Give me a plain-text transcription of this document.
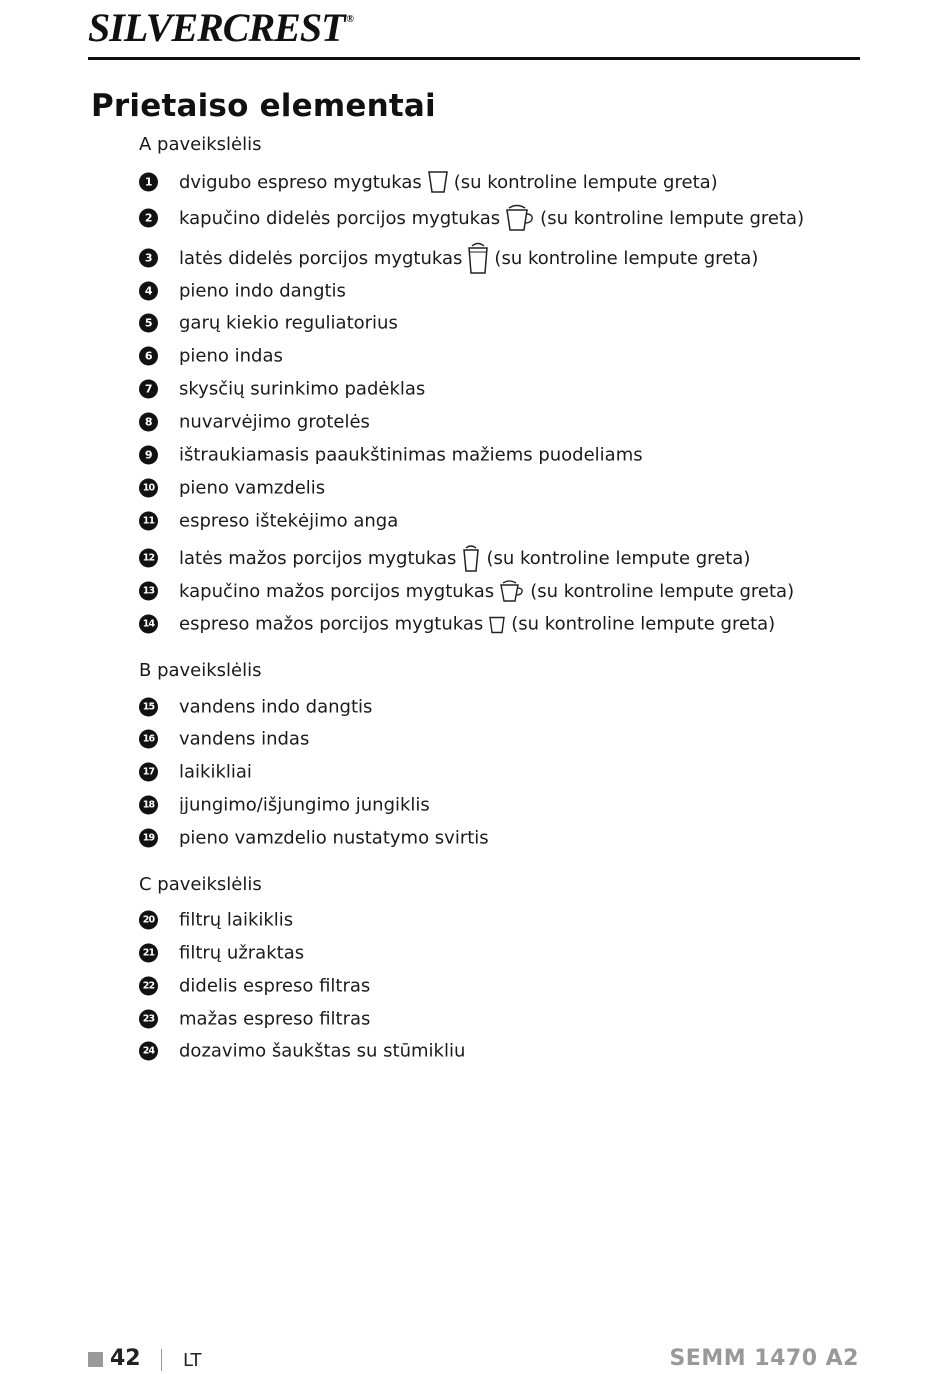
SILVERCREST ®
Prietaiso elementai
A paveikslėlis
1	dvigubo espreso mygtukas (su kontroline lempute greta)
2	kapučino didelės porcijos mygtukas (su kontroline lempute greta)
3	latės didelės porcijos mygtukas (su kontroline lempute greta)
4	pieno indo dangtis
5	garų kiekio reguliatorius
6	pieno indas
7	skysčių surinkimo padėklas
8	nuvarvėjimo grotelės
9	ištraukiamasis paaukštinimas mažiems puodeliams
10 pieno vamzdelis
11 espreso ištekėjimo anga
12 latės mažos porcijos mygtukas (su kontroline lempute greta)
13 kapučino mažos porcijos mygtukas (su kontroline lempute greta)
14 espreso mažos porcijos mygtukas (su kontroline lempute greta)
B paveikslėlis
15 vandens indo dangtis
16 vandens indas
17 laikikliai
18 įjungimo/išjungimo jungiklis
19 pieno vamzdelio nustatymo svirtis
C paveikslėlis
20 filtrų laikiklis
21 filtrų užraktas
22 didelis espreso filtras
23 mažas espreso filtras
24 dozavimo šaukštas su stūmikliu
42 LT	SEMM 1470 A2
